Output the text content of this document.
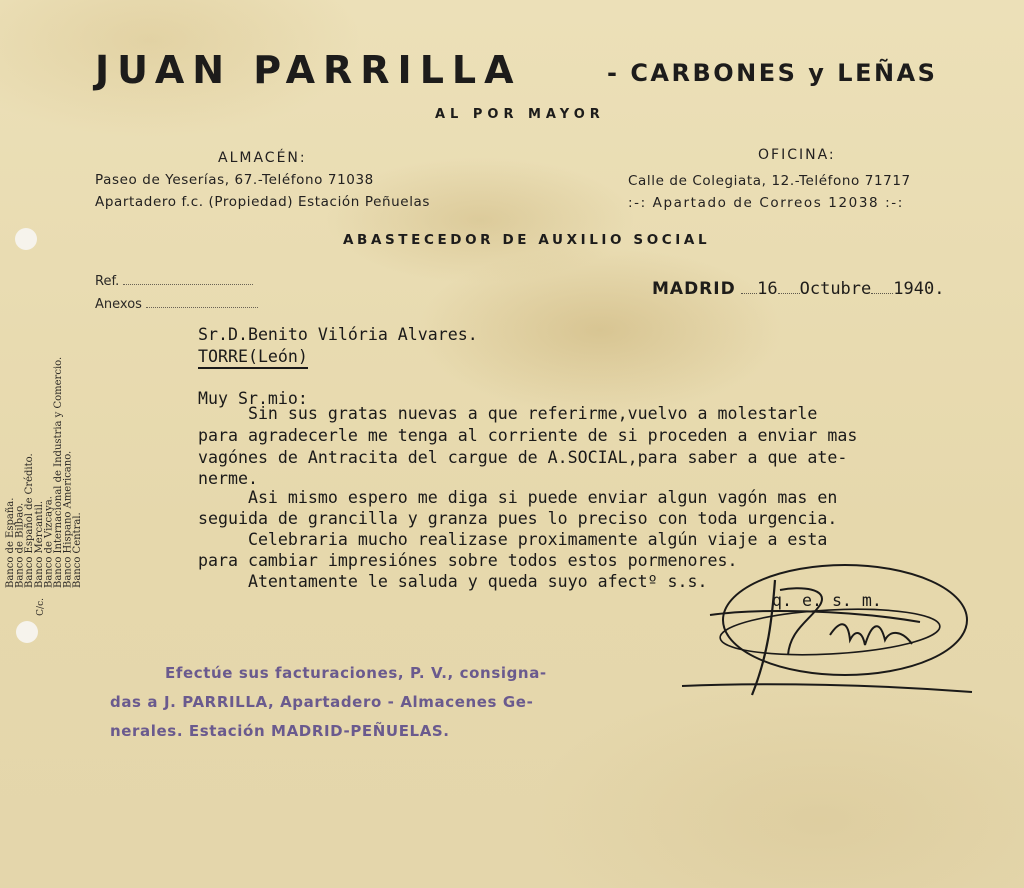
JUAN PARRILLA	- CARBONES y LEÑAS
AL POR MAYOR
ALMACÉN:
Paseo de Yeserías, 67.-Teléfono 71038
Apartadero f.c. (Propiedad) Estación Peñuelas
OFICINA:
Calle de Colegiata, 12.-Teléfono 71717
:-: Apartado de Correos 12038 :-:
ABASTECEDOR DE AUXILIO SOCIAL
Ref.
Anexos
MADRID 16 Octubre 1940.
Sr.D.Benito Vilória Alvares.
TORRE(León)
Muy Sr.mio:
Sin sus gratas nuevas a que referirme,vuelvo a molestarle
para agradecerle me tenga al corriente de si proceden a enviar mas
vagónes de Antracita del cargue de A.SOCIAL,para saber a que ate-
nerme.
Asi mismo espero me diga si puede enviar algun vagón mas en
seguida de grancilla y granza pues lo preciso con toda urgencia.
Celebraria mucho realizase proximamente algún viaje a esta
para cambiar impresiónes sobre todos estos pormenores.
Atentamente le saluda y queda suyo afectº s.s.
q. e. s. m.
Banco de España.
Banco de Bilbao.
Banco Español de Crédito.
Banco Mercantil.
Banco de Vizcaya.
Banco Internacional de Industria y Comercio.
Banco Hispano Americano.
Banco Central.
C/c.
Efectúe sus facturaciones, P. V., consigna-
das a J. PARRILLA, Apartadero - Almacenes Ge-
nerales. Estación MADRID-PEÑUELAS.
